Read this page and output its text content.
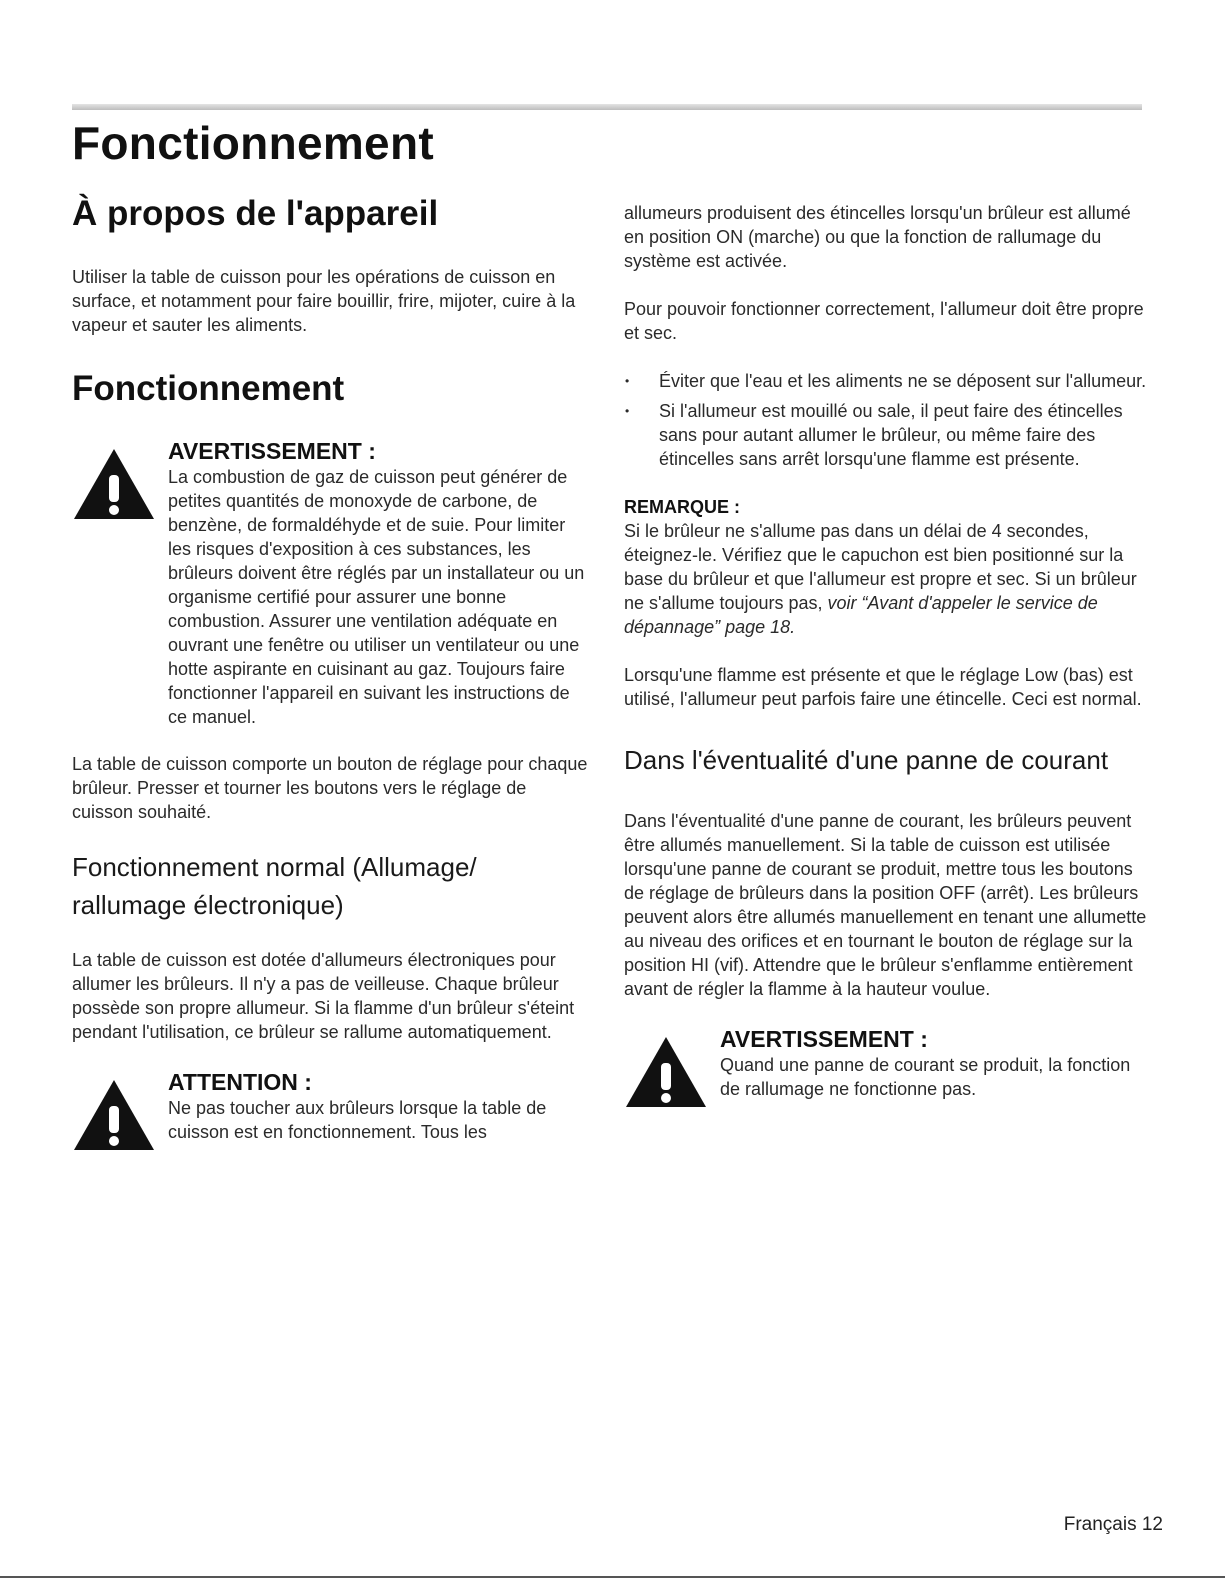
Fonctionnement
À propos de l'appareil

Utiliser la table de cuisson pour les opérations de cuisson en surface, et notamment pour faire bouillir, frire, mijoter, cuire à la vapeur et sauter les aliments.

Fonctionnement
AVERTISSEMENT :

La combustion de gaz de cuisson peut générer de petites quantités de monoxyde de carbone, de benzène, de formaldéhyde et de suie. Pour limiter les risques d'exposition à ces substances, les brûleurs doivent être réglés par un installateur ou un organisme certifié pour assurer une bonne combustion. Assurer une ventilation adéquate en ouvrant une fenêtre ou utiliser un ventilateur ou une hotte aspirante en cuisinant au gaz. Toujours faire fonctionner l'appareil en suivant les instructions de ce manuel.

La table de cuisson comporte un bouton de réglage pour chaque brûleur. Presser et tourner les boutons vers le réglage de cuisson souhaité.

Fonctionnement normal (Allumage/ rallumage électronique)

La table de cuisson est dotée d'allumeurs électroniques pour allumer les brûleurs. Il n'y a pas de veilleuse. Chaque brûleur possède son propre allumeur. Si la flamme d'un brûleur s'éteint pendant l'utilisation, ce brûleur se rallume automatiquement.

ATTENTION :

Ne pas toucher aux brûleurs lorsque la table de cuisson est en fonctionnement. Tous les

allumeurs produisent des étincelles lorsqu'un brûleur est allumé en position ON (marche) ou que la fonction de rallumage du système est activée.

Pour pouvoir fonctionner correctement, l'allumeur doit être propre et sec.

• Éviter que l'eau et les aliments ne se déposent sur l'allumeur.
• Si l'allumeur est mouillé ou sale, il peut faire des étincelles sans pour autant allumer le brûleur, ou même faire des étincelles sans arrêt lorsqu'une flamme est présente.
REMARQUE :

Si le brûleur ne s'allume pas dans un délai de 4 secondes, éteignez-le. Vérifiez que le capuchon est bien positionné sur la base du brûleur et que l'allumeur est propre et sec. Si un brûleur ne s'allume toujours pas, voir “Avant d'appeler le service de dépannage” page 18.

Lorsqu'une flamme est présente et que le réglage Low (bas) est utilisé, l'allumeur peut parfois faire une étincelle. Ceci est normal.

Dans l'éventualité d'une panne de courant

Dans l'éventualité d'une panne de courant, les brûleurs peuvent être allumés manuellement. Si la table de cuisson est utilisée lorsqu'une panne de courant se produit, mettre tous les boutons de réglage de brûleurs dans la position OFF (arrêt). Les brûleurs peuvent alors être allumés manuellement en tenant une allumette au niveau des orifices et en tournant le bouton de réglage sur la position HI (vif). Attendre que le brûleur s'enflamme entièrement avant de régler la flamme à la hauteur voulue.

AVERTISSEMENT :

Quand une panne de courant se produit, la fonction de rallumage ne fonctionne pas.

Français 12
